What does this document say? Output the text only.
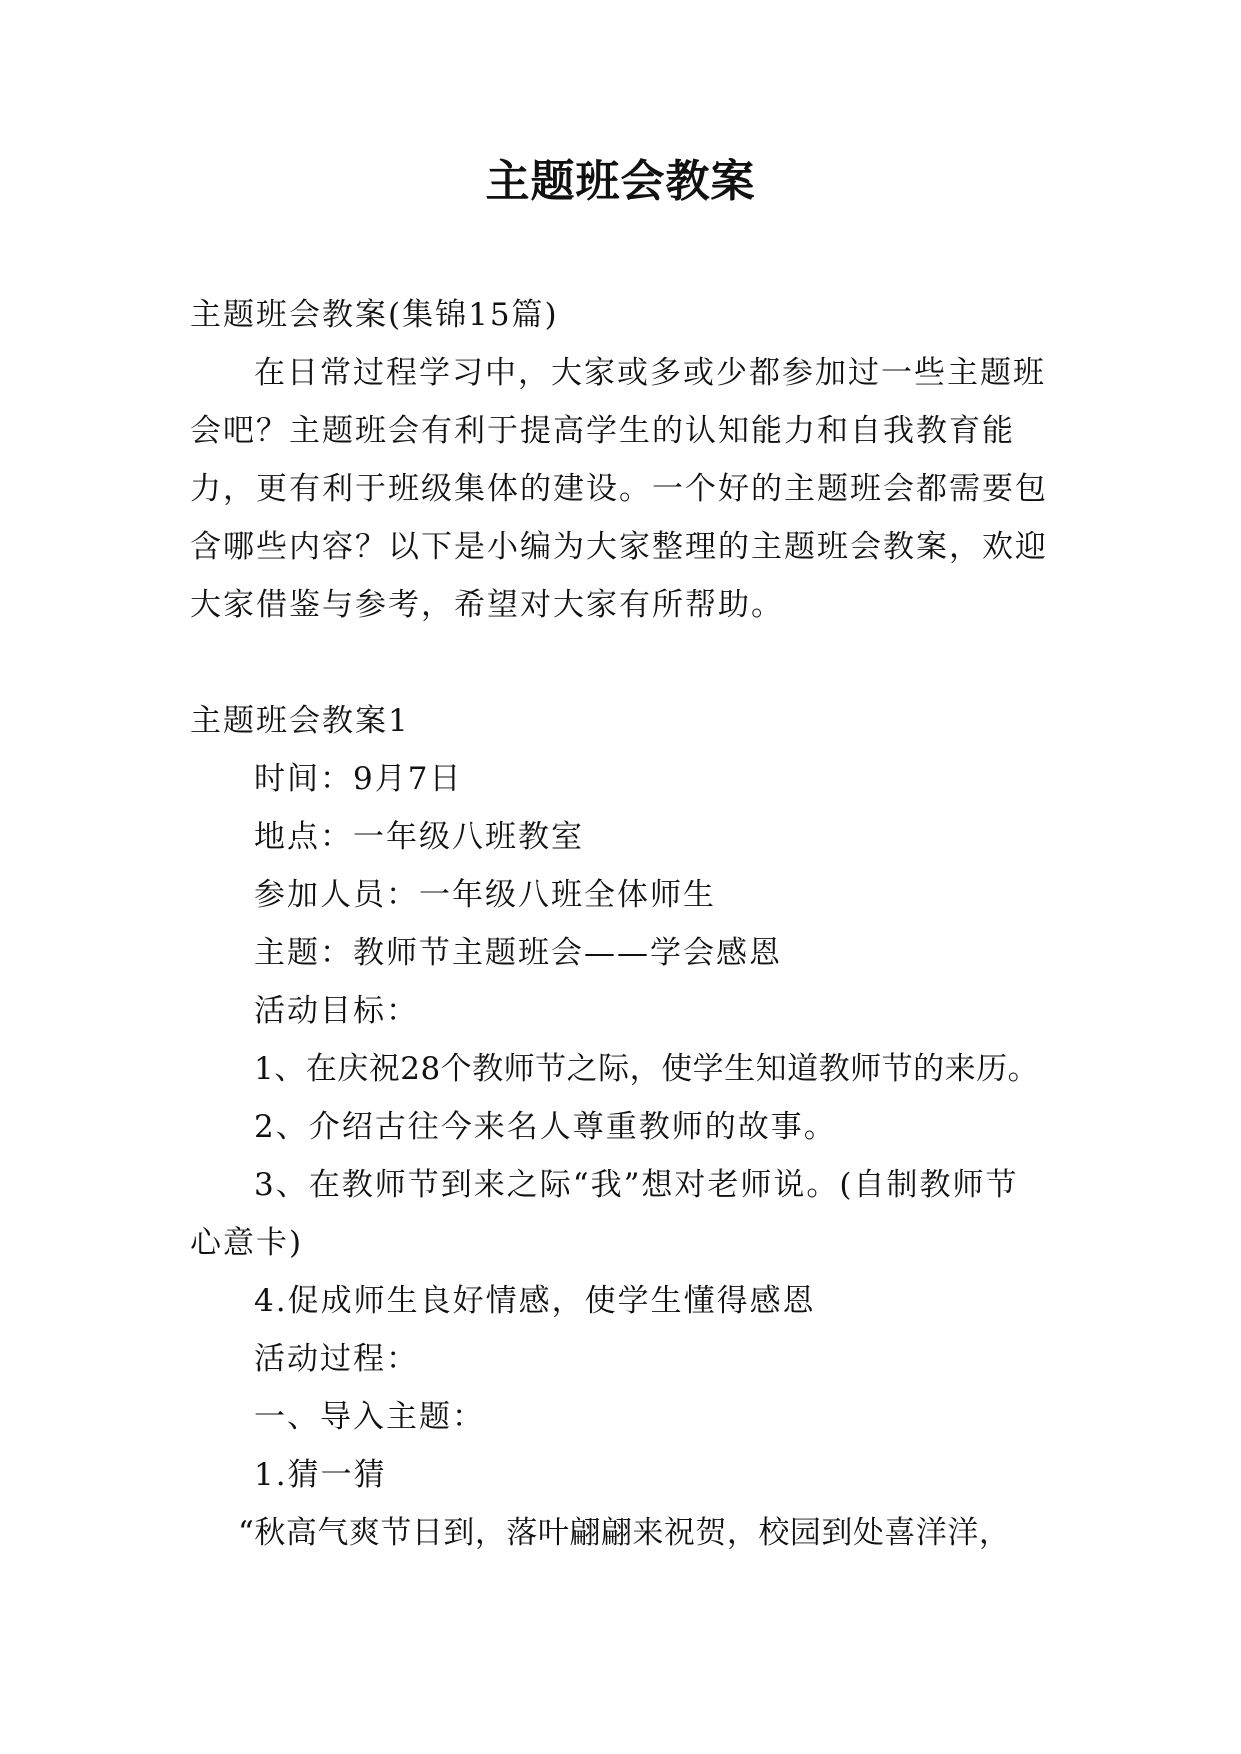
主题班会教案

主题班会教案(集锦15篇)

在日常过程学习中，大家或多或少都参加过一些主题班会吧？主题班会有利于提高学生的认知能力和自我教育能力，更有利于班级集体的建设。一个好的主题班会都需要包含哪些内容？以下是小编为大家整理的主题班会教案，欢迎大家借鉴与参考，希望对大家有所帮助。

主题班会教案1

时间：9月7日

地点：一年级八班教室

参加人员：一年级八班全体师生

主题：教师节主题班会——学会感恩

活动目标：

1、在庆祝28个教师节之际，使学生知道教师节的来历。

2、介绍古往今来名人尊重教师的故事。

3、在教师节到来之际“我”想对老师说。(自制教师节心意卡)

4.促成师生良好情感，使学生懂得感恩

活动过程：

一、导入主题：

1.猜一猜

“秋高气爽节日到，落叶翩翩来祝贺，校园到处喜洋洋，
